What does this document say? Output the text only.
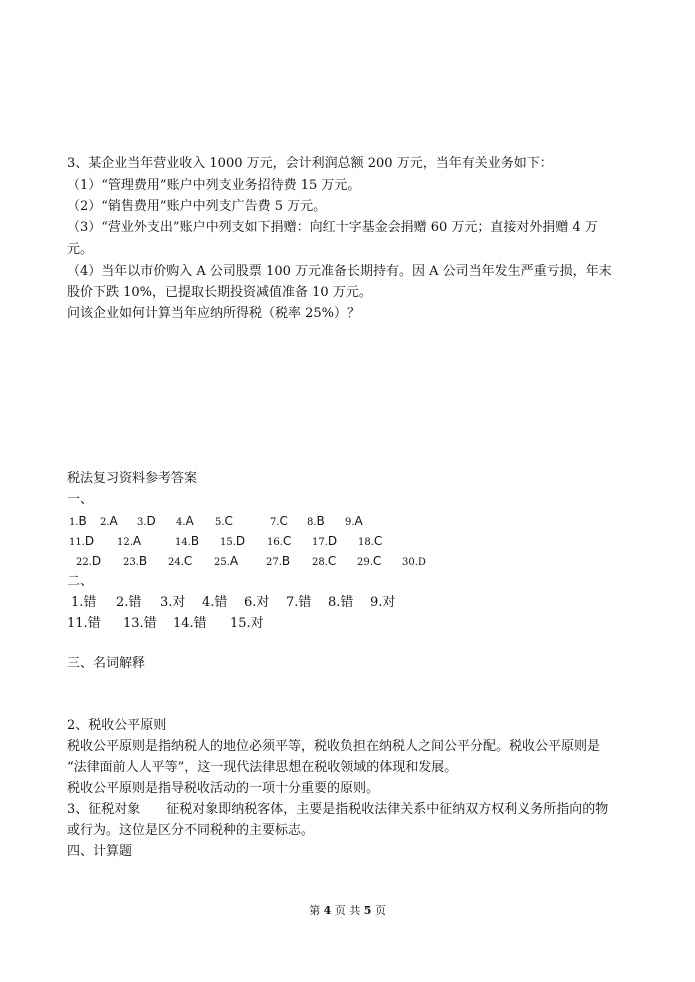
3、某企业当年营业收入 1000 万元，会计利润总额 200 万元，当年有关业务如下：
（1）“管理费用”账户中列支业务招待费 15 万元。
（2）“销售费用”账户中列支广告费 5 万元。
（3）“营业外支出”账户中列支如下捐赠：向红十字基金会捐赠 60 万元；直接对外捐赠 4 万
元。
（4）当年以市价购入 A 公司股票 100 万元准备长期持有。因 A 公司当年发生严重亏损，年末
股价下跌 10%，已提取长期投资减值准备 10 万元。
问该企业如何计算当年应纳所得税（税率 25%）？
税法复习资料参考答案
一、
1.B 2.A 3.D 4.A 5.C	7.C 8.B 9.A
11.D 12.A	14.B 15.D 16.C 17.D 18.C
22.D 23.B 24.C 25.A	27.B 28.C 29.C 30.D
二、
1.错 2.错 3.对 4.错 6.对 7.错 8.错 9.对
11.错 13.错 14.错 15.对
三、名词解释
2、税收公平原则
税收公平原则是指纳税人的地位必须平等，税收负担在纳税人之间公平分配。税收公平原则是
“法律面前人人平等”，这一现代法律思想在税收领域的体现和发展。
税收公平原则是指导税收活动的一项十分重要的原则。
3、征税对象　　征税对象即纳税客体，主要是指税收法律关系中征纳双方权利义务所指向的物
或行为。这位是区分不同税种的主要标志。
四、计算题
第 4 页 共 5 页
